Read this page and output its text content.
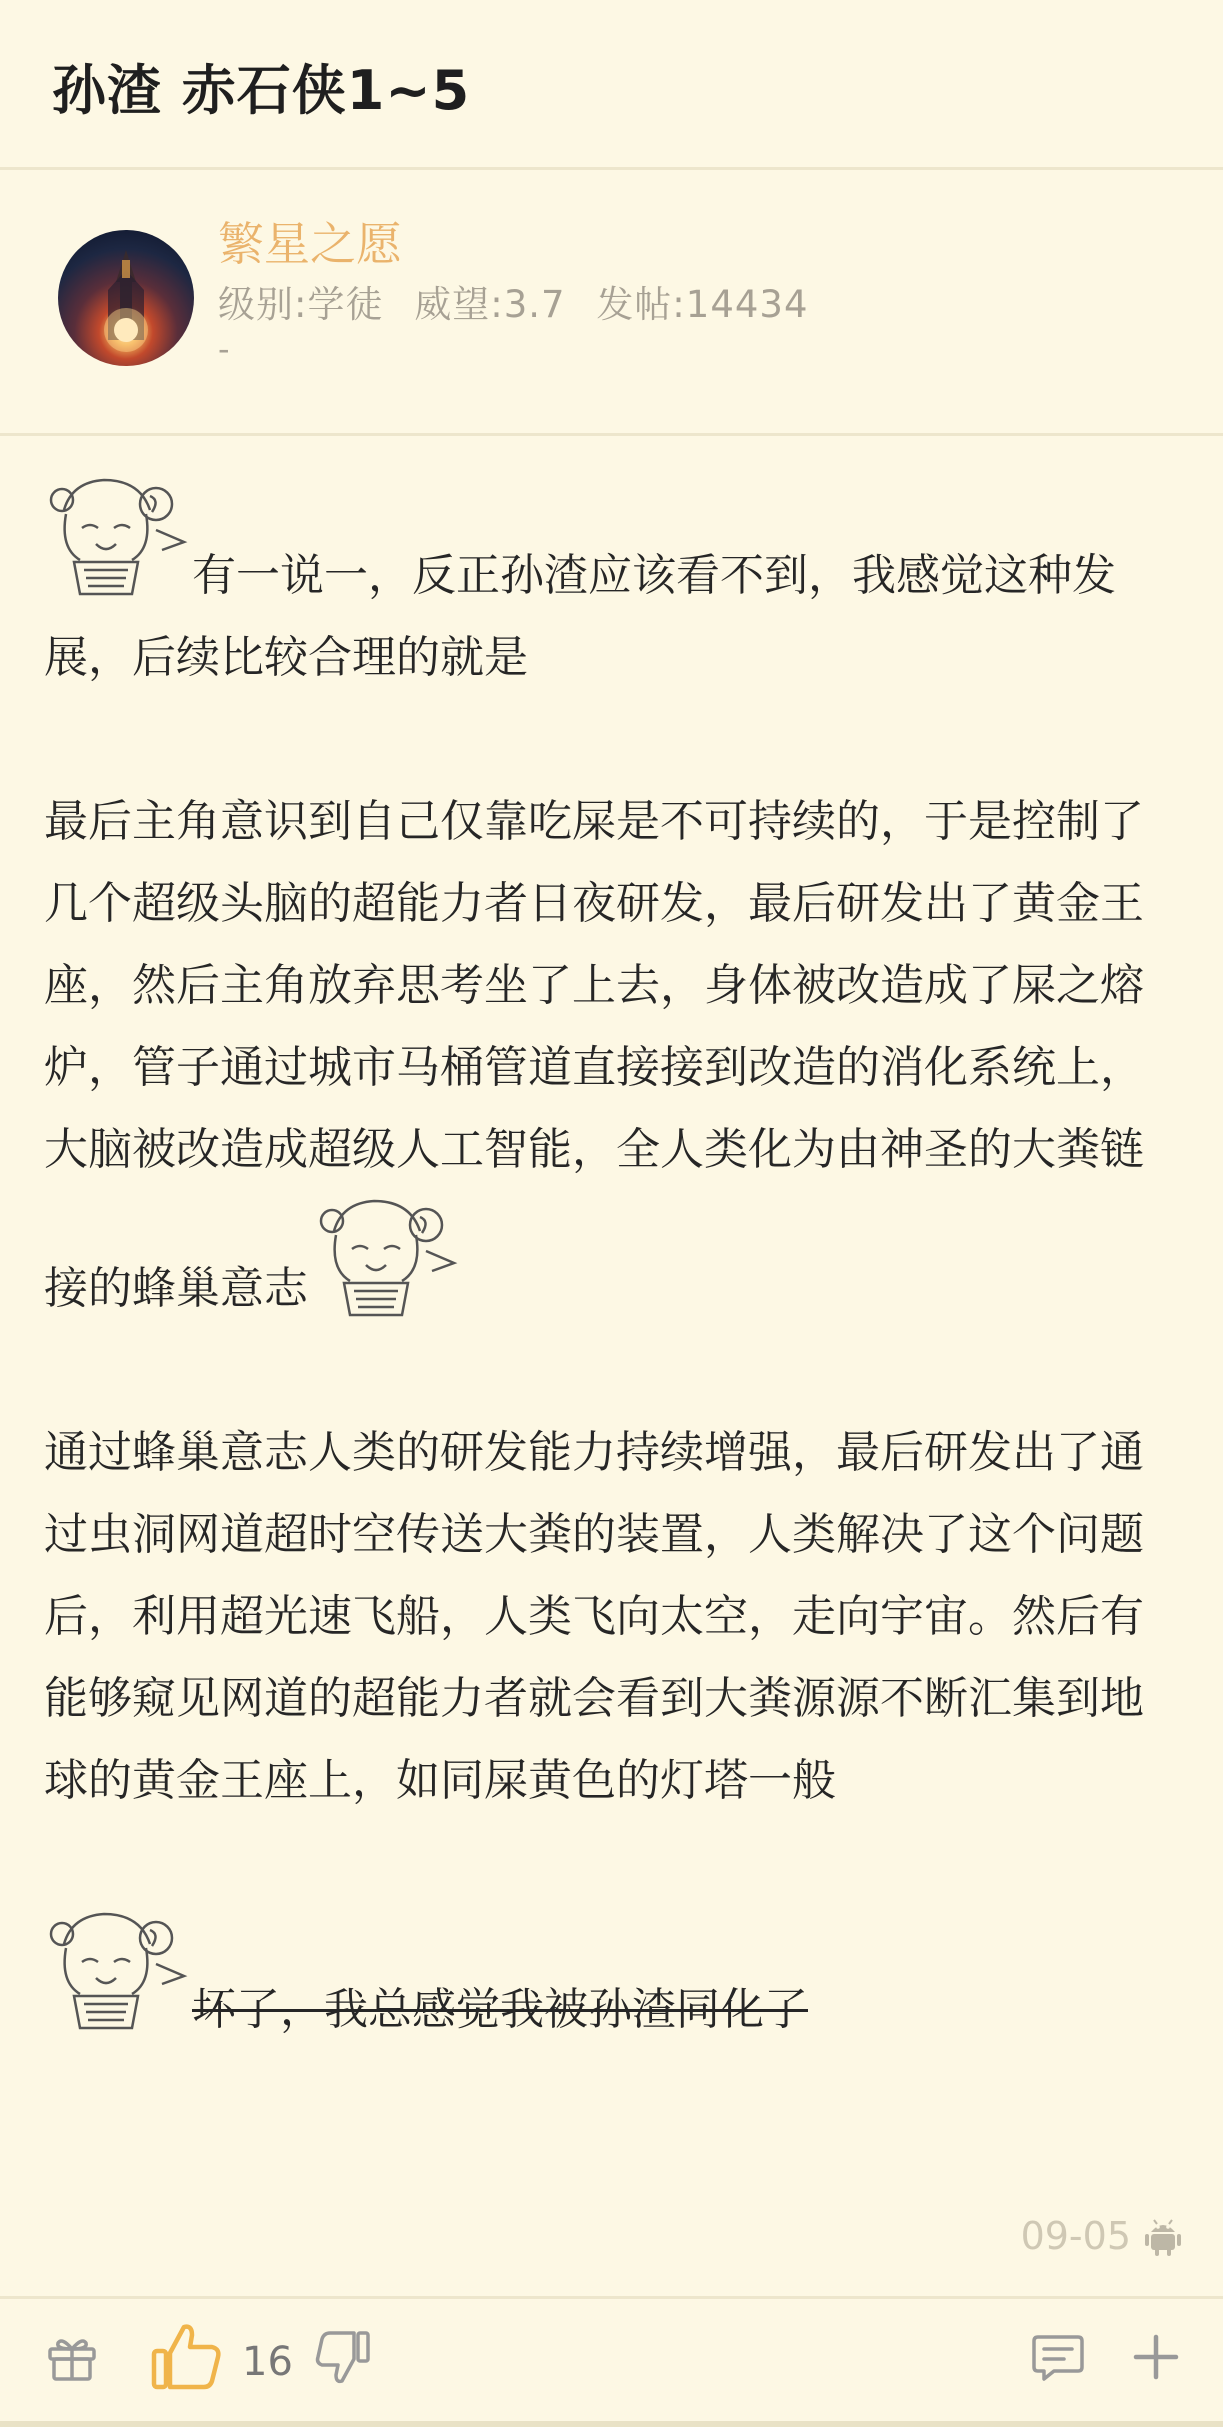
孙渣 赤石侠1~5
繁星之愿
级别:学徒 威望:3.7 发帖:14434
-

有一说一，反正孙渣应该看不到，我感觉这种发展，后续比较合理的就是

最后主角意识到自己仅靠吃屎是不可持续的，于是控制了几个超级头脑的超能力者日夜研发，最后研发出了黄金王座，然后主角放弃思考坐了上去，身体被改造成了屎之熔炉，管子通过城市马桶管道直接接到改造的消化系统上，大脑被改造成超级人工智能，全人类化为由神圣的大粪链接的蜂巢意志

通过蜂巢意志人类的研发能力持续增强，最后研发出了通过虫洞网道超时空传送大粪的装置，人类解决了这个问题后，利用超光速飞船，人类飞向太空，走向宇宙。然后有能够窥见网道的超能力者就会看到大粪源源不断汇集到地球的黄金王座上，如同屎黄色的灯塔一般

坏了，我总感觉我被孙渣同化了

09-05
16
